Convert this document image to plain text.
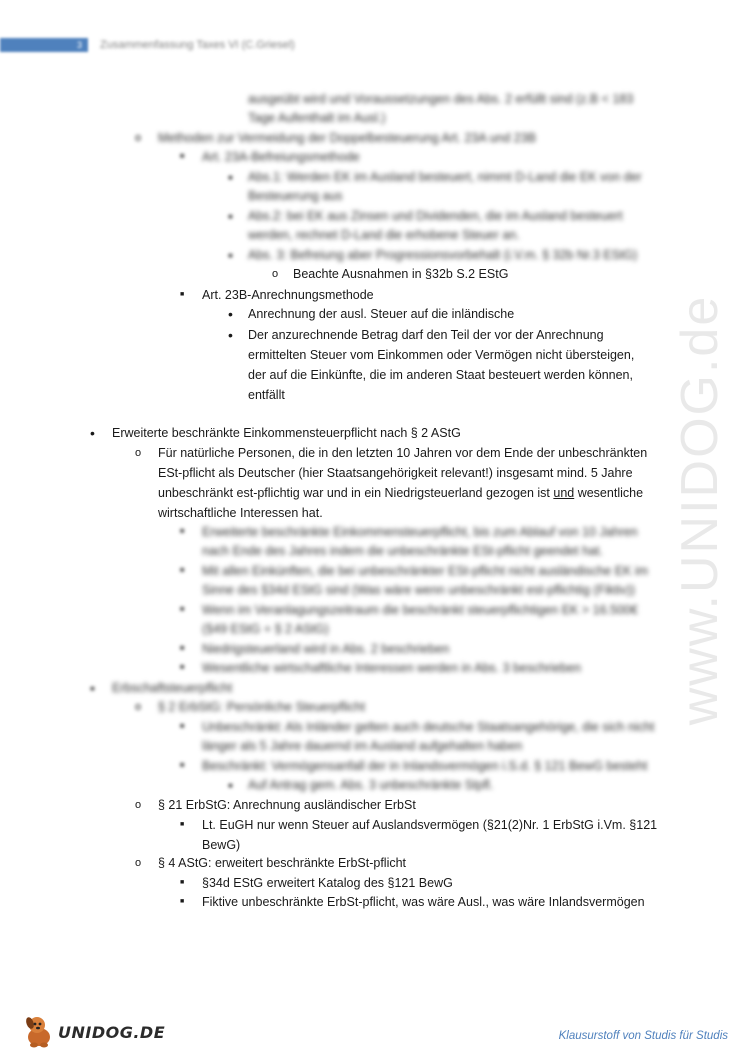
3	Zusammenfassung Taxes VI (C.Griesel)
www.UNIDOG.de
ausgeübt wird und Voraussetzungen des Abs. 2 erfüllt sind (z.B < 183
Tage Aufenthalt im Ausl.)
o
Methoden zur Vermeidung der Doppelbesteuerung Art. 23A und 23B
■
Art. 23A-Befreiungsmethode
•
Abs.1: Werden EK im Ausland besteuert, nimmt D-Land die EK von der
Besteuerung aus
•
Abs.2: bei EK aus Zinsen und Dividenden, die im Ausland besteuert
werden, rechnet D-Land die erhobene Steuer an.
•
Abs. 3: Befreiung aber Progressionsvorbehalt (i.V.m. § 32b Nr.3 EStG)
o
Beachte Ausnahmen in §32b S.2 EStG
■
Art. 23B-Anrechnungsmethode
•
Anrechnung der ausl. Steuer auf die inländische
•
Der anzurechnende Betrag darf den Teil der vor der Anrechnung
ermittelten Steuer vom Einkommen oder Vermögen nicht übersteigen,
der auf die Einkünfte, die im anderen Staat besteuert werden können,
entfällt
•
Erweiterte beschränkte Einkommensteuerpflicht nach § 2 AStG
o
Für natürliche Personen, die in den letzten 10 Jahren vor dem Ende der unbeschränkten
ESt-pflicht als Deutscher (hier Staatsangehörigkeit relevant!) insgesamt mind. 5 Jahre
unbeschränkt est-pflichtig war und in ein Niedrigsteuerland gezogen ist und wesentliche
wirtschaftliche Interessen hat.
■
Erweiterte beschränkte Einkommensteuerpflicht, bis zum Ablauf von 10 Jahren
nach Ende des Jahres indem die unbeschränkte ESt-pflicht geendet hat.
■
Mit allen Einkünften, die bei unbeschränkter ESt-pflicht nicht ausländische EK im
Sinne des §34d EStG sind (Was wäre wenn unbeschränkt est-pflichtig (Fiktiv))
■
Wenn im Veranlagungszeitraum die beschränkt steuerpflichtigen EK > 16.500€
(§49 EStG + § 2 AStG)
■
Niedrigsteuerland wird in Abs. 2 beschrieben
■
Wesentliche wirtschaftliche Interessen werden in Abs. 3 beschrieben
•
Erbschaftsteuerpflicht
o
§ 2 ErbStG: Persönliche Steuerpflicht
■
Unbeschränkt: Als Inländer gelten auch deutsche Staatsangehörige, die sich nicht
länger als 5 Jahre dauernd im Ausland aufgehalten haben
■
Beschränkt: Vermögensanfall der in Inlandsvermögen i.S.d. § 121 BewG besteht
•
Auf Antrag gem. Abs. 3 unbeschränkte Stpfl.
o
§ 21 ErbStG: Anrechnung ausländischer ErbSt
■
Lt. EuGH nur wenn Steuer auf Auslandsvermögen (§21(2)Nr. 1 ErbStG i.Vm. §121
BewG)
o
§ 4 AStG: erweitert beschränkte ErbSt-pflicht
■
§34d EStG erweitert Katalog des §121 BewG
■
Fiktive unbeschränkte ErbSt-pflicht, was wäre Ausl., was wäre Inlandsvermögen
UNIDOG.DE	Klausurstoff von Studis für Studis
